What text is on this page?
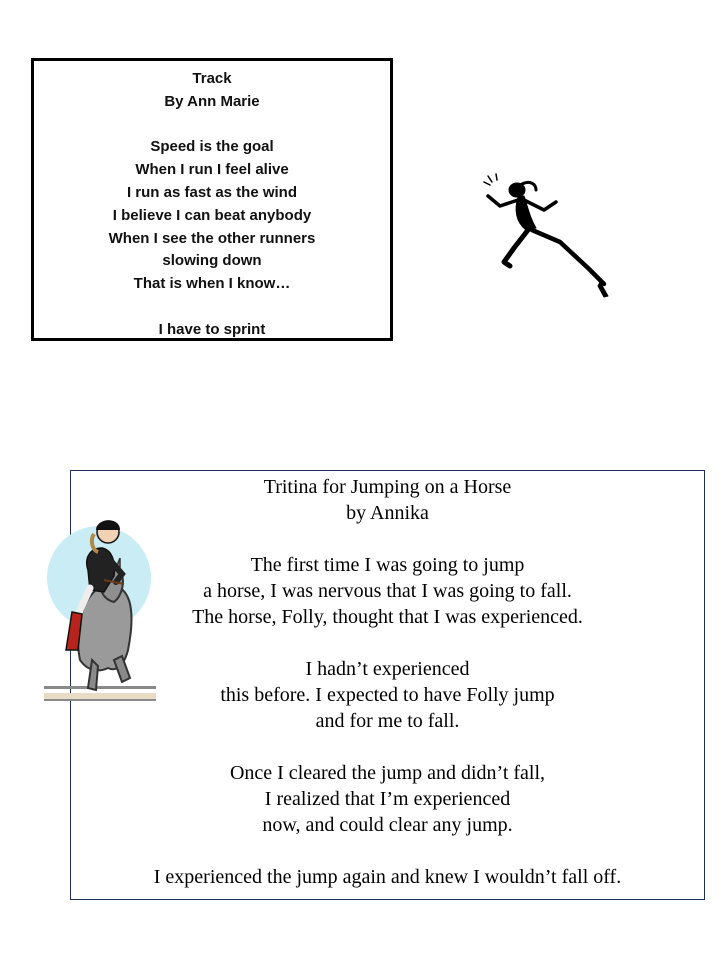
Track
By Ann Marie
Speed is the goal
When I run I feel alive
I run as fast as the wind
I believe I can beat anybody
When I see the other runners
slowing down
That is when I know…
I have to sprint
Tritina for Jumping on a Horse
by Annika
The first time I was going to jump
a horse, I was nervous that I was going to fall.
The horse, Folly, thought that I was experienced.
I hadn’t experienced
this before. I expected to have Folly jump
and for me to fall.
Once I cleared the jump and didn’t fall,
I realized that I’m experienced
now, and could clear any jump.
I experienced the jump again and knew I wouldn’t fall off.
